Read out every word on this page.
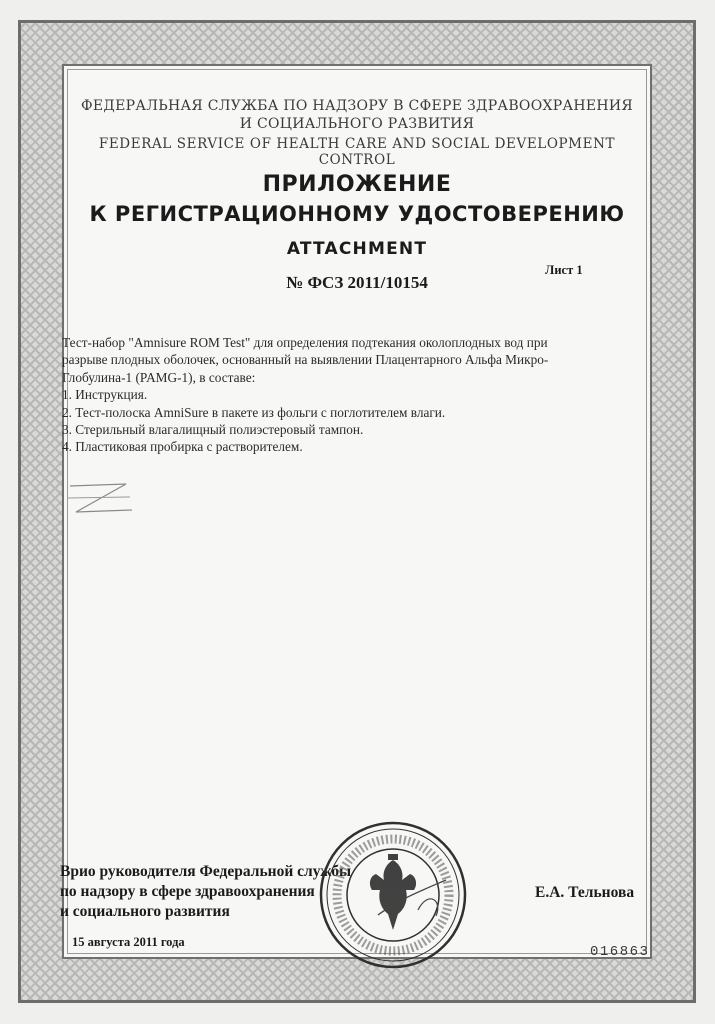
ФЕДЕРАЛЬНАЯ СЛУЖБА ПО НАДЗОРУ В СФЕРЕ ЗДРАВООХРАНЕНИЯ
И СОЦИАЛЬНОГО РАЗВИТИЯ
FEDERAL SERVICE OF HEALTH CARE AND SOCIAL DEVELOPMENT CONTROL
ПРИЛОЖЕНИЕ
К РЕГИСТРАЦИОННОМУ УДОСТОВЕРЕНИЮ
ATTACHMENT
Лист 1
№ ФСЗ 2011/10154
Тест-набор "Amnisure ROM Test" для определения подтекания околоплодных вод при
разрыве плодных оболочек, основанный на выявлении Плацентарного Альфа Микро-
Глобулина-1 (PAMG-1), в составе:
1. Инструкция.
2. Тест-полоска AmniSure в пакете из фольги с поглотителем влаги.
3. Стерильный влагалищный полиэстеровый тампон.
4. Пластиковая пробирка с растворителем.
Врио руководителя Федеральной службы
по надзору в сфере здравоохранения
и социального развития
15 августа 2011 года
Е.А. Тельнова
016863
